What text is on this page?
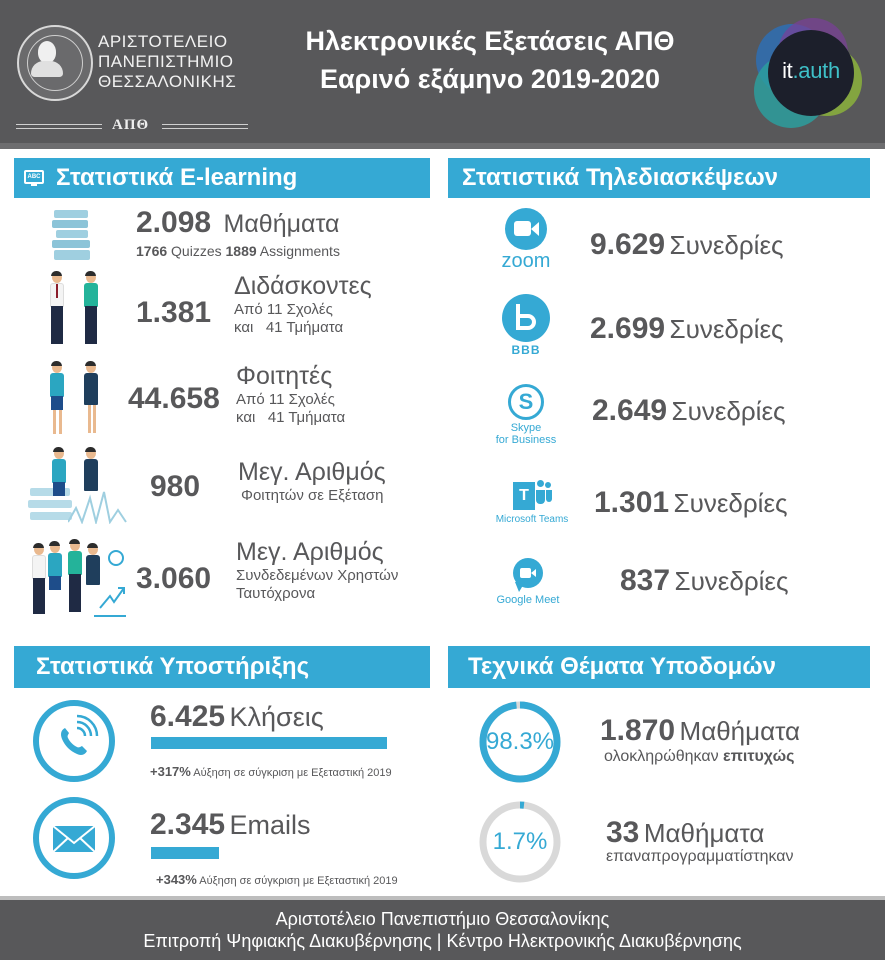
ΑΡΙΣΤΟΤΕΛΕΙΟ
ΠΑΝΕΠΙΣΤΗΜΙΟ
ΘΕΣΣΑΛΟΝΙΚΗΣ
ΑΠΘ
Ηλεκτρονικές Εξετάσεις ΑΠΘ
Εαρινό εξάμηνο 2019-2020	it.auth
ABC Στατιστικά E-learning
2.098 Μαθήματα
1766 Quizzes 1889 Assignments
1.381
Διδάσκοντες
Από 11 Σχολές
και   41 Τμήματα
44.658
Φοιτητές
Από 11 Σχολές
και   41 Τμήματα
980 Μεγ. Αριθμός
Φοιτητών σε Εξέταση
3.060
Μεγ. Αριθμός
Συνδεδεμένων Χρηστών
Ταυτόχρονα
Στατιστικά Τηλεδιασκέψεων
zoom 9.629 Συνεδρίες
BBB
2.699 Συνεδρίες
S
Skype
for Business
2.649 Συνεδρίες
T
Microsoft Teams
1.301 Συνεδρίες
Google Meet
837 Συνεδρίες
Στατιστικά Υποστήριξης
6.425 Κλήσεις
+317% Αύξηση σε σύγκριση με Εξεταστική 2019
2.345 Emails
+343% Αύξηση σε σύγκριση με Εξεταστική 2019
Τεχνικά Θέματα Υποδομών
98.3% 1.870 Μαθήματα
ολοκληρώθηκαν επιτυχώς
1.7%	33 Μαθήματα
επαναπρογραμματίστηκαν
Αριστοτέλειο Πανεπιστήμιο Θεσσαλονίκης
Επιτροπή Ψηφιακής Διακυβέρνησης | Κέντρο Ηλεκτρονικής Διακυβέρνησης
